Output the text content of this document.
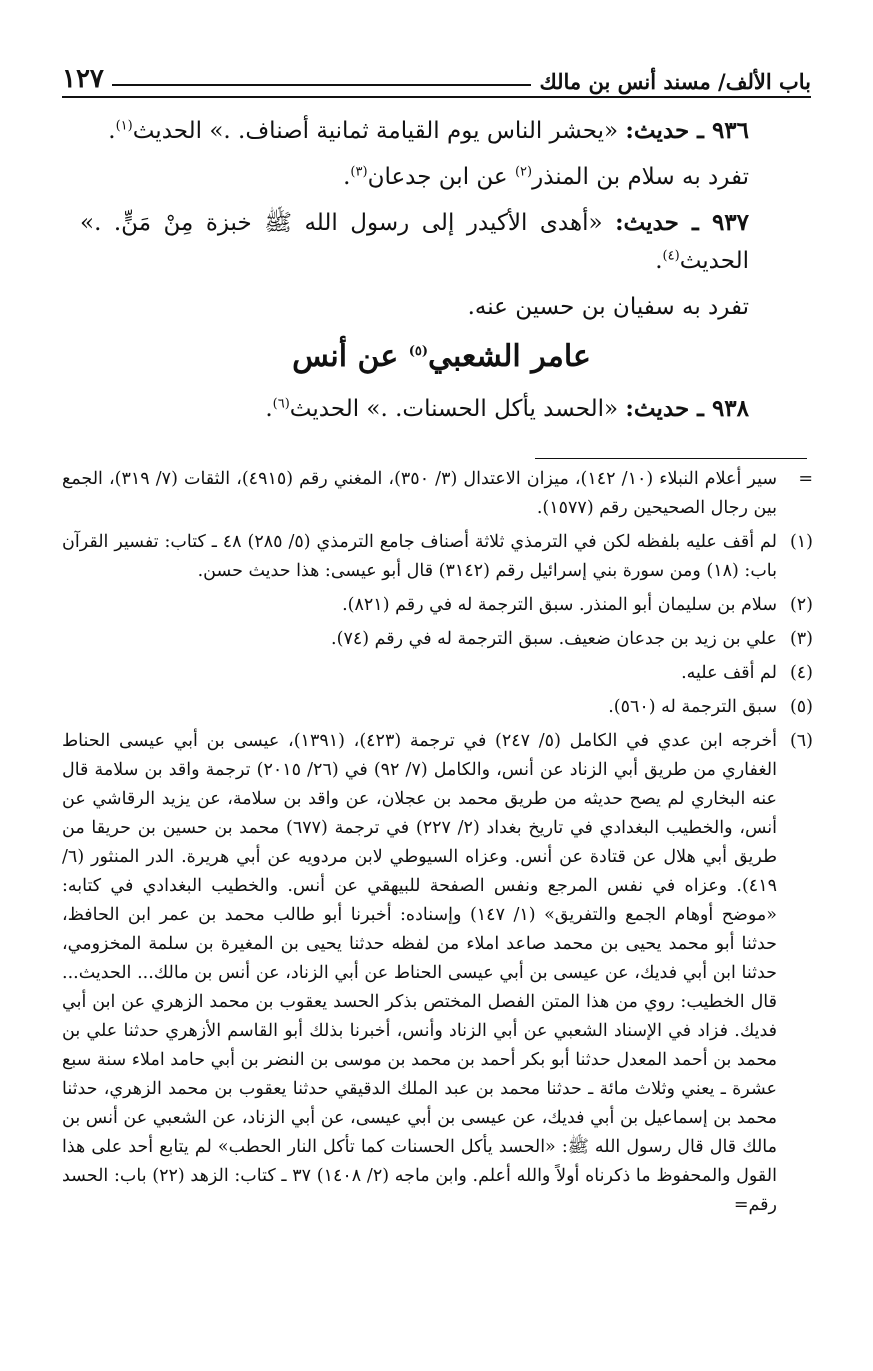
باب الألف/ مسند أنس بن مالك
١٢٧

٩٣٦ ـ حديث: «يحشر الناس يوم القيامة ثمانية أصناف. .» الحديث$^{(١)}$.

تفرد به سلام بن المنذر$^{(٢)}$ عن ابن جدعان$^{(٣)}$.

٩٣٧ ـ حديث: «أهدى الأكيدر إلى رسول الله ﷺ خبزة مِنْ مَنٍّ. .» الحديث$^{(٤)}$.

تفرد به سفيان بن حسين عنه.

عامر الشعبي$^{(٥)}$ عن أنس

٩٣٨ ـ حديث: «الحسد يأكل الحسنات. .» الحديث$^{(٦)}$.

=
سير أعلام النبلاء (١٠/ ١٤٢)، ميزان الاعتدال (٣/ ٣٥٠)، المغني رقم (٤٩١٥)، الثقات (٧/ ٣١٩)، الجمع بين رجال الصحيحين رقم (١٥٧٧).
(١)
لم أقف عليه بلفظه لكن في الترمذي ثلاثة أصناف جامع الترمذي (٥/ ٢٨٥) ٤٨ ـ كتاب: تفسير القرآن باب: (١٨) ومن سورة بني إسرائيل رقم (٣١٤٢) قال أبو عيسى: هذا حديث حسن.
(٢)
سلام بن سليمان أبو المنذر. سبق الترجمة له في رقم (٨٢١).
(٣)
علي بن زيد بن جدعان ضعيف. سبق الترجمة له في رقم (٧٤).
(٤)
لم أقف عليه.
(٥)
سبق الترجمة له (٥٦٠).
(٦)
أخرجه ابن عدي في الكامل (٥/ ٢٤٧) في ترجمة (٤٢٣)، (١٣٩١)، عيسى بن أبي عيسى الحناط الغفاري من طريق أبي الزناد عن أنس، والكامل (٧/ ٩٢) في (٢٦/ ٢٠١٥) ترجمة واقد بن سلامة قال عنه البخاري لم يصح حديثه من طريق محمد بن عجلان، عن واقد بن سلامة، عن يزيد الرقاشي عن أنس، والخطيب البغدادي في تاريخ بغداد (٢/ ٢٢٧) في ترجمة (٦٧٧) محمد بن حسين بن حريقا من طريق أبي هلال عن قتادة عن أنس. وعزاه السيوطي لابن مردويه عن أبي هريرة. الدر المنثور (٦/ ٤١٩). وعزاه في نفس المرجع ونفس الصفحة للبيهقي عن أنس. والخطيب البغدادي في كتابه: «موضح أوهام الجمع والتفريق» (١/ ١٤٧) وإسناده: أخبرنا أبو طالب محمد بن عمر ابن الحافظ، حدثنا أبو محمد يحيى بن محمد صاعد املاء من لفظه حدثنا يحيى بن المغيرة بن سلمة المخزومي، حدثنا ابن أبي فديك، عن عيسى بن أبي عيسى الحناط عن أبي الزناد، عن أنس بن مالك... الحديث... قال الخطيب: روي من هذا المتن الفصل المختص بذكر الحسد يعقوب بن محمد الزهري عن ابن أبي فديك. فزاد في الإسناد الشعبي عن أبي الزناد وأنس، أخبرنا بذلك أبو القاسم الأزهري حدثنا علي بن محمد بن أحمد المعدل حدثنا أبو بكر أحمد بن محمد بن موسى بن النضر بن أبي حامد املاء سنة سبع عشرة ـ يعني وثلاث مائة ـ حدثنا محمد بن عبد الملك الدقيقي حدثنا يعقوب بن محمد الزهري، حدثنا محمد بن إسماعيل بن أبي فديك، عن عيسى بن أبي عيسى، عن أبي الزناد، عن الشعبي عن أنس بن مالك قال قال رسول الله ﷺ: «الحسد يأكل الحسنات كما تأكل النار الحطب» لم يتابع أحد على هذا القول والمحفوظ ما ذكرناه أولاً والله أعلم. وابن ماجه (٢/ ١٤٠٨) ٣٧ ـ كتاب: الزهد (٢٢) باب: الحسد رقم=
